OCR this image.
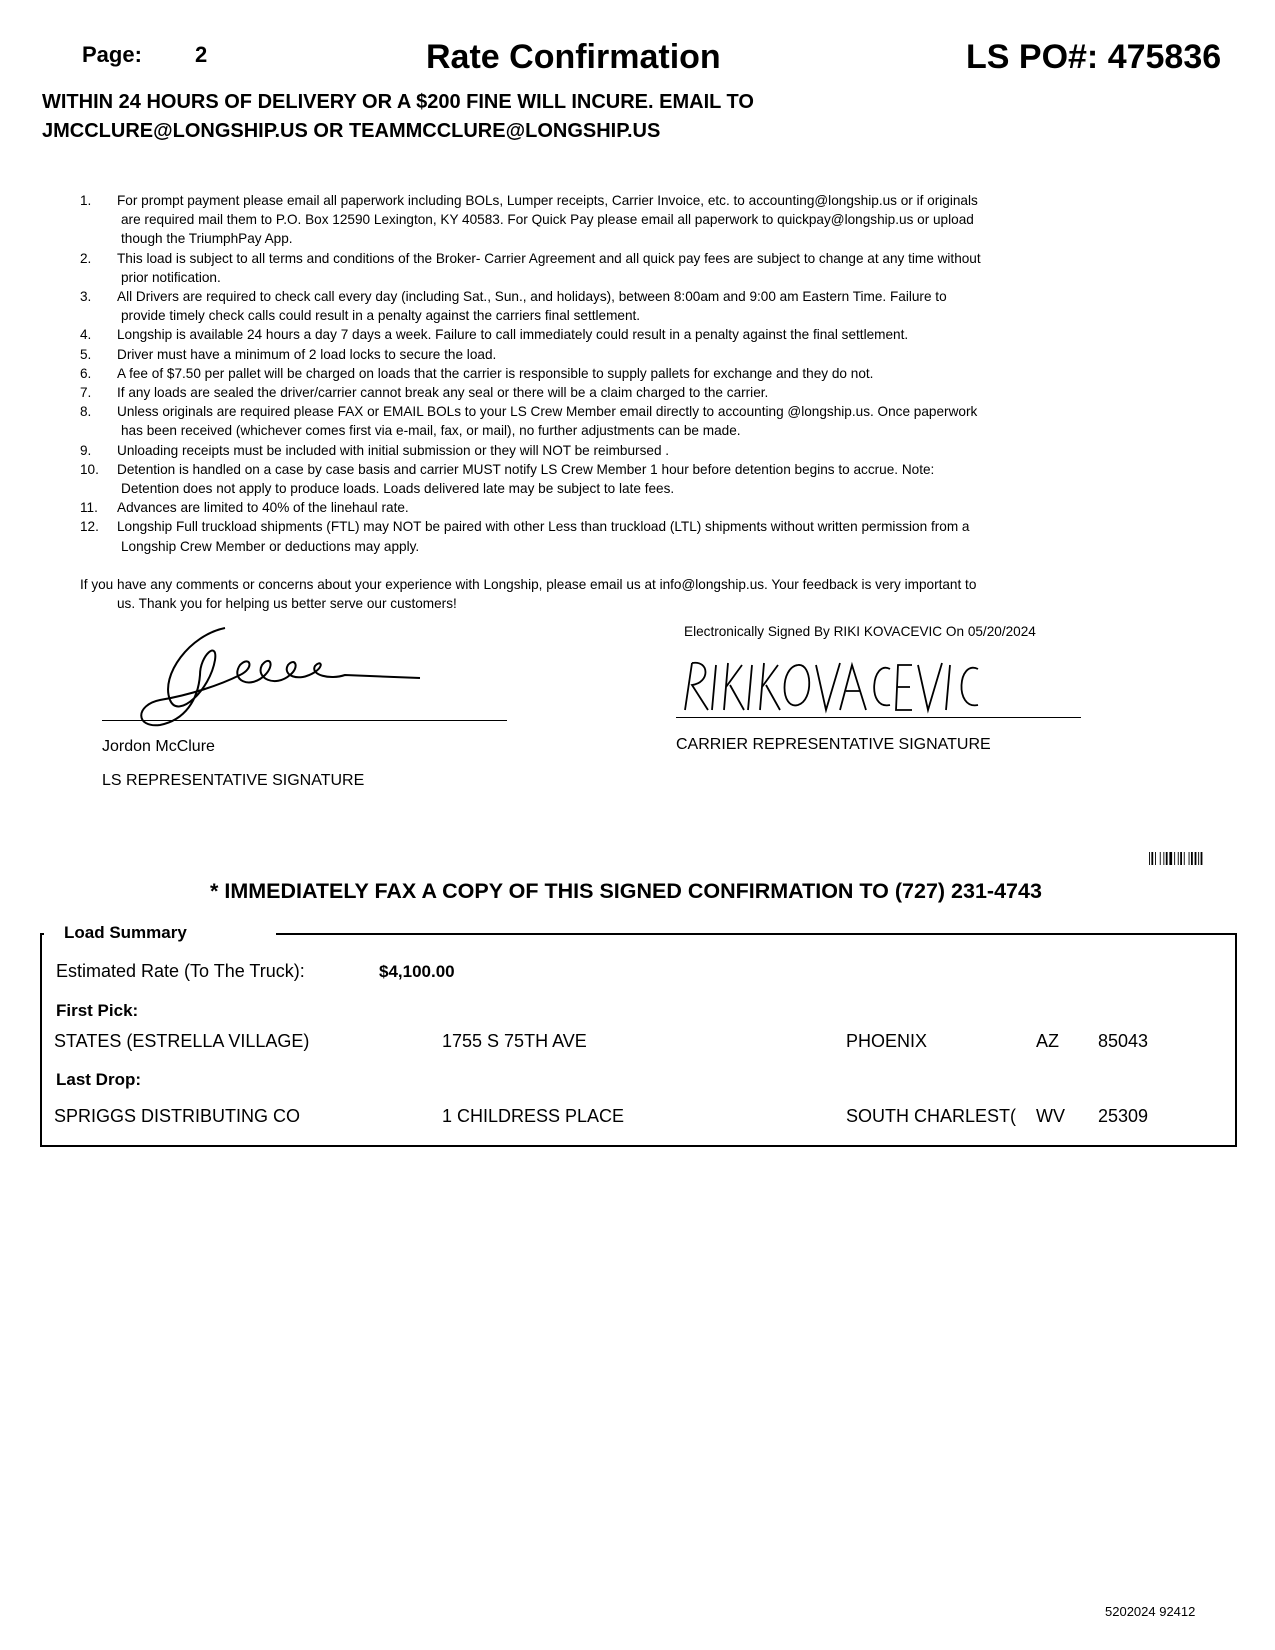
Page: 2	Rate Confirmation	LS PO#: 475836
WITHIN 24 HOURS OF DELIVERY OR A $200 FINE WILL INCURE. EMAIL TO
JMCCLURE@LONGSHIP.US OR TEAMMCCLURE@LONGSHIP.US
1. For prompt payment please email all paperwork including BOLs, Lumper receipts, Carrier Invoice, etc. to accounting@longship.us or if originals
are required mail them to P.O. Box 12590 Lexington, KY 40583. For Quick Pay please email all paperwork to quickpay@longship.us or upload
though the TriumphPay App.
2. This load is subject to all terms and conditions of the Broker- Carrier Agreement and all quick pay fees are subject to change at any time without
prior notification.
3. All Drivers are required to check call every day (including Sat., Sun., and holidays), between 8:00am and 9:00 am Eastern Time. Failure to
provide timely check calls could result in a penalty against the carriers final settlement.
4. Longship is available 24 hours a day 7 days a week. Failure to call immediately could result in a penalty against the final settlement.
5. Driver must have a minimum of 2 load locks to secure the load.
6. A fee of $7.50 per pallet will be charged on loads that the carrier is responsible to supply pallets for exchange and they do not.
7. If any loads are sealed the driver/carrier cannot break any seal or there will be a claim charged to the carrier.
8. Unless originals are required please FAX or EMAIL BOLs to your LS Crew Member email directly to accounting @longship.us. Once paperwork
has been received (whichever comes first via e-mail, fax, or mail), no further adjustments can be made.
9. Unloading receipts must be included with initial submission or they will NOT be reimbursed .
10. Detention is handled on a case by case basis and carrier MUST notify LS Crew Member 1 hour before detention begins to accrue. Note:
Detention does not apply to produce loads. Loads delivered late may be subject to late fees.
11. Advances are limited to 40% of the linehaul rate.
12. Longship Full truckload shipments (FTL) may NOT be paired with other Less than truckload (LTL) shipments without written permission from a
Longship Crew Member or deductions may apply.
If you have any comments or concerns about your experience with Longship, please email us at info@longship.us. Your feedback is very important to
us. Thank you for helping us better serve our customers!
Electronically Signed By RIKI KOVACEVIC On 05/20/2024
Jordon McClure
LS REPRESENTATIVE SIGNATURE
CARRIER REPRESENTATIVE SIGNATURE
* IMMEDIATELY FAX A COPY OF THIS SIGNED CONFIRMATION TO (727) 231-4743
Load Summary
Estimated Rate (To The Truck):	$4,100.00
First Pick:
STATES (ESTRELLA VILLAGE)	1755 S 75TH AVE	PHOENIX	AZ 85043
Last Drop:
SPRIGGS DISTRIBUTING CO	1 CHILDRESS PLACE	SOUTH CHARLEST( WV 25309
5202024 92412
